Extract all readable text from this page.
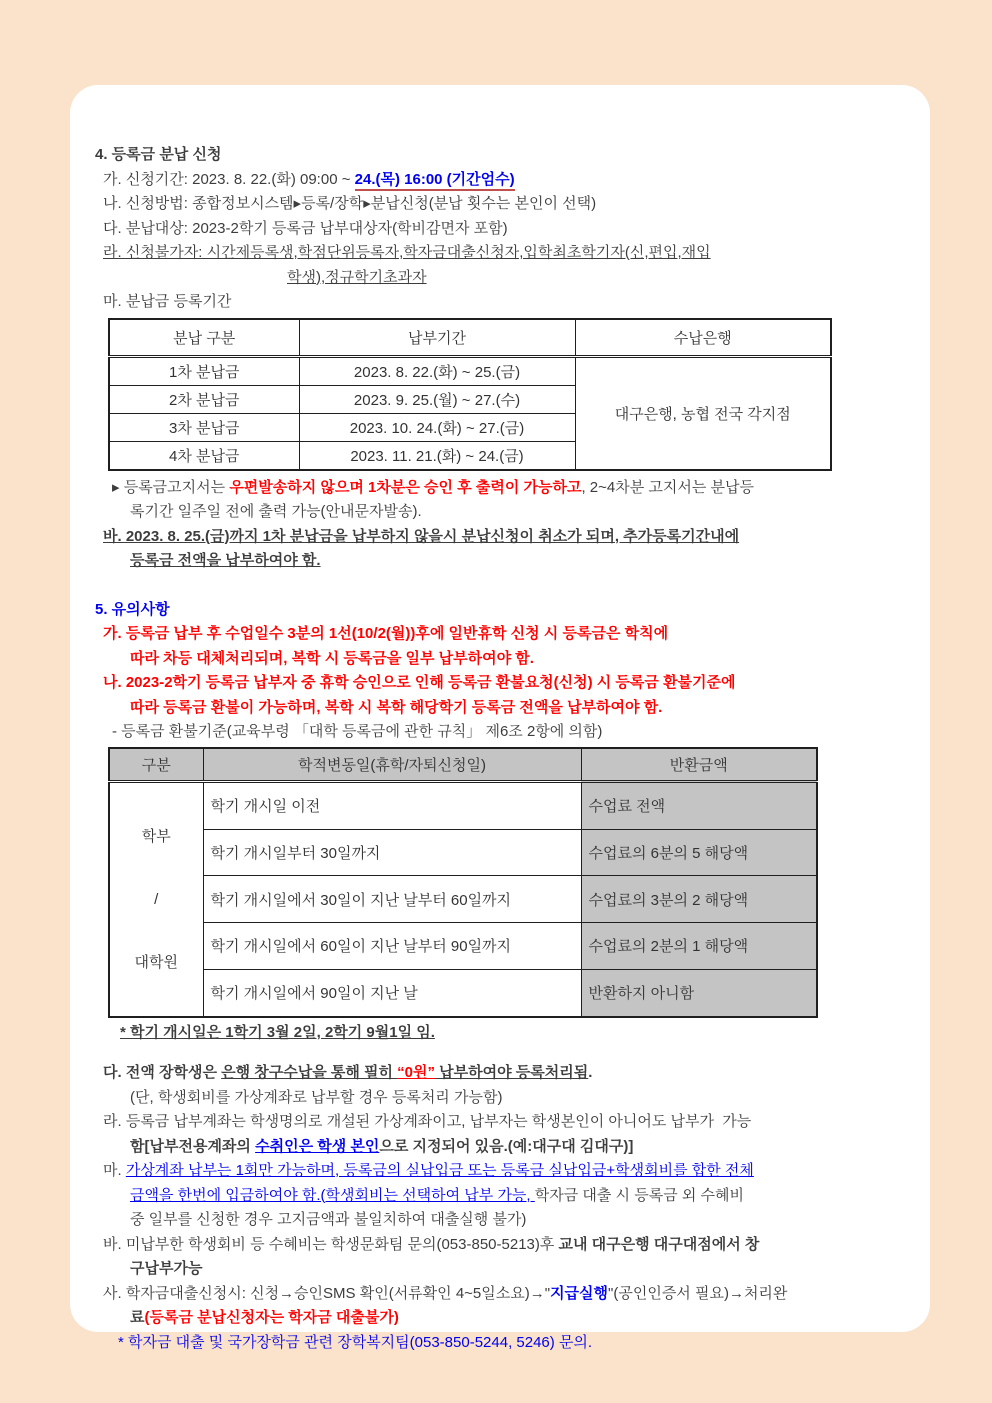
4. 등록금 분납 신청
가. 신청기간: 2023. 8. 22.(화) 09:00 ~ 24.(목) 16:00 (기간엄수)
나. 신청방법: 종합정보시스템▸등록/장학▸분납신청(분납 횟수는 본인이 선택)
다. 분납대상: 2023-2학기 등록금 납부대상자(학비감면자 포함)
라. 신청불가자: 시간제등록생,학점단위등록자,학자금대출신청자,입학최초학기자(신,편입,재입
학생),정규학기초과자
마. 분납금 등록기간
분납 구분	납부기간	수납은행
1차 분납금	2023. 8. 22.(화) ~ 25.(금)	대구은행, 농협 전국 각지점
2차 분납금	2023. 9. 25.(월) ~ 27.(수)	
3차 분납금	2023. 10. 24.(화) ~ 27.(금)	
4차 분납금	2023. 11. 21.(화) ~ 24.(금)	
▸ 등록금고지서는 우편발송하지 않으며 1차분은 승인 후 출력이 가능하고, 2~4차분 고지서는 분납등
록기간 일주일 전에 출력 가능(안내문자발송).
바. 2023. 8. 25.(금)까지 1차 분납금을 납부하지 않을시 분납신청이 취소가 되며, 추가등록기간내에
등록금 전액을 납부하여야 함.
5. 유의사항
가. 등록금 납부 후 수업일수 3분의 1선(10/2(월))후에 일반휴학 신청 시 등록금은 학칙에
따라 차등 대체처리되며, 복학 시 등록금을 일부 납부하여야 함.
나. 2023-2학기 등록금 납부자 중 휴학 승인으로 인해 등록금 환불요청(신청) 시 등록금 환불기준에
따라 등록금 환불이 가능하며, 복학 시 복학 해당학기 등록금 전액을 납부하여야 함.
- 등록금 환불기준(교육부령 「대학 등록금에 관한 규칙」 제6조 2항에 의함)
구분	학적변동일(휴학/자퇴신청일)	반환금액

학부

/

대학원	학기 개시일 이전	수업료 전액
	학기 개시일부터 30일까지	수업료의 6분의 5 해당액
	학기 개시일에서 30일이 지난 날부터 60일까지	수업료의 3분의 2 해당액
	학기 개시일에서 60일이 지난 날부터 90일까지	수업료의 2분의 1 해당액
	학기 개시일에서 90일이 지난 날	반환하지 아니함
* 학기 개시일은 1학기 3월 2일, 2학기 9월1일 임.
다. 전액 장학생은 은행 창구수납을 통해 필히 “0원” 납부하여야 등록처리됨.
(단, 학생회비를 가상계좌로 납부할 경우 등록처리 가능함)
라. 등록금 납부계좌는 학생명의로 개설된 가상계좌이고, 납부자는 학생본인이 아니어도 납부가  가능
함[납부전용계좌의 수취인은 학생 본인으로 지정되어 있음.(예:대구대 김대구)]
마. 가상계좌 납부는 1회만 가능하며, 등록금의 실납입금 또는 등록금 실납입금+학생회비를 합한 전체
금액을 한번에 입금하여야 함.(학생회비는 선택하여 납부 가능, 학자금 대출 시 등록금 외 수혜비
중 일부를 신청한 경우 고지금액과 불일치하여 대출실행 불가)
바. 미납부한 학생회비 등 수혜비는 학생문화팀 문의(053-850-5213)후 교내 대구은행 대구대점에서 창
구납부가능
사. 학자금대출신청시: 신청→승인SMS 확인(서류확인 4~5일소요)→"지급실행"(공인인증서 필요)→처리완
료(등록금 분납신청자는 학자금 대출불가)
* 학자금 대출 및 국가장학금 관련 장학복지팀(053-850-5244, 5246) 문의.
